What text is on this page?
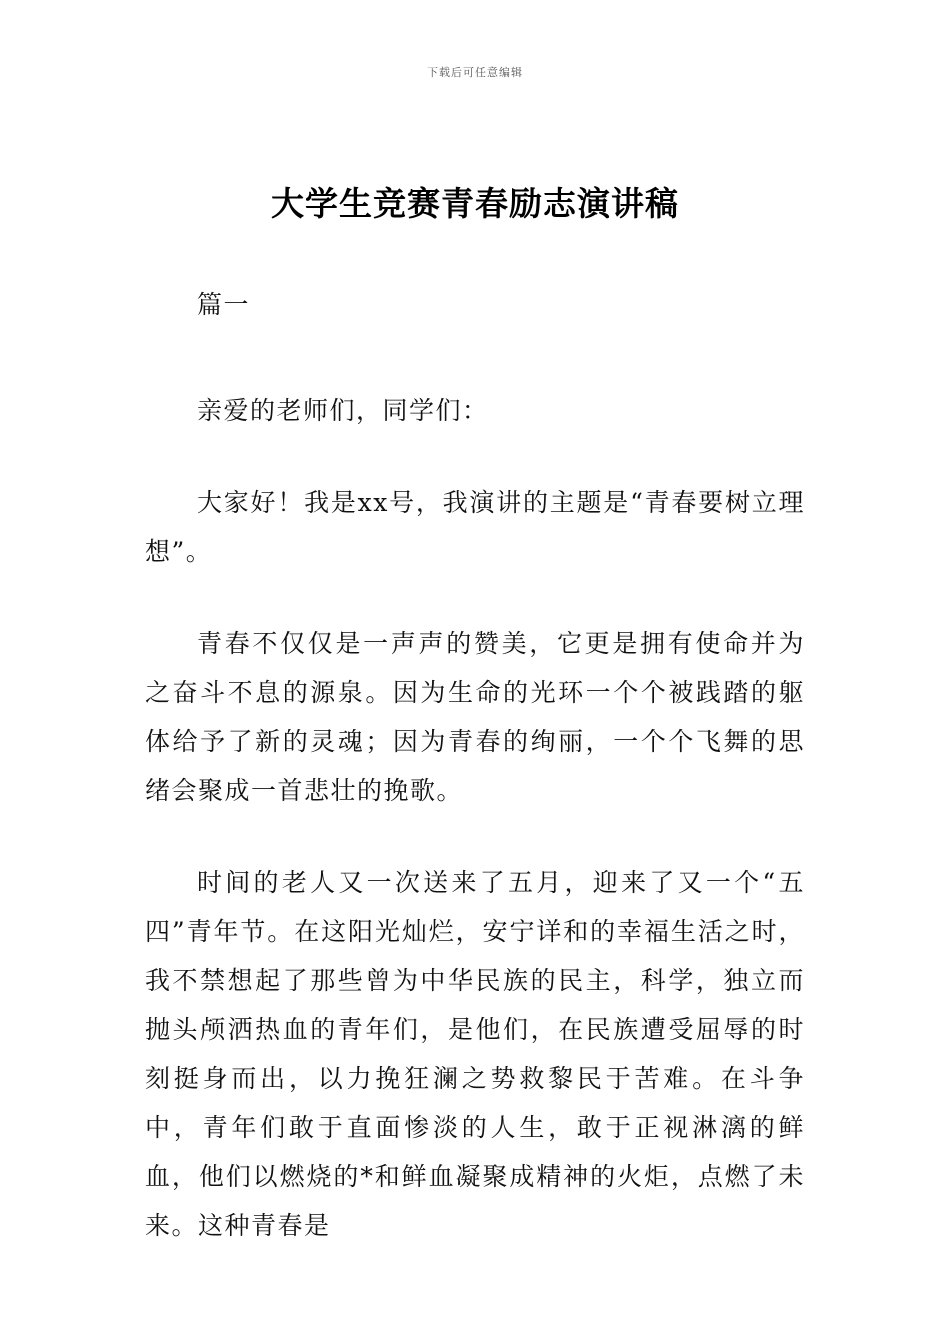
下载后可任意编辑
大学生竞赛青春励志演讲稿

篇一

亲爱的老师们，同学们：

大家好！我是xx号，我演讲的主题是“青春要树立理想”。

青春不仅仅是一声声的赞美，它更是拥有使命并为之奋斗不息的源泉。因为生命的光环一个个被践踏的躯体给予了新的灵魂；因为青春的绚丽，一个个飞舞的思绪会聚成一首悲壮的挽歌。

时间的老人又一次送来了五月，迎来了又一个“五四”青年节。在这阳光灿烂，安宁详和的幸福生活之时，我不禁想起了那些曾为中华民族的民主，科学，独立而抛头颅洒热血的青年们，是他们，在民族遭受屈辱的时刻挺身而出，以力挽狂澜之势救黎民于苦难。在斗争中，青年们敢于直面惨淡的人生，敢于正视淋漓的鲜血，他们以燃烧的*和鲜血凝聚成精神的火炬，点燃了未来。这种青春是
